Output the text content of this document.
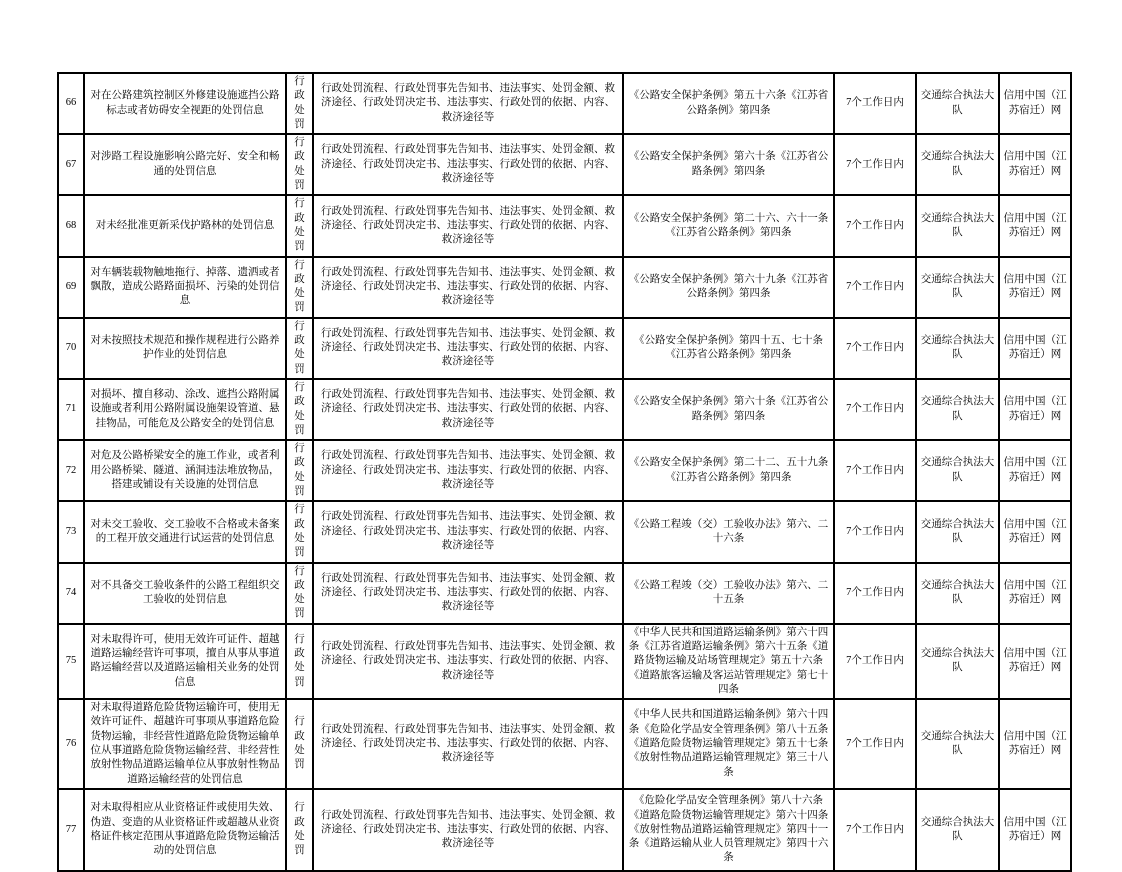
66	对在公路建筑控制区外修建设施遮挡公路标志或者妨碍安全视距的处罚信息	行政处罚	行政处罚流程、行政处罚事先告知书、违法事实、处罚金额、救济途径、行政处罚决定书、违法事实、行政处罚的依据、内容、救济途径等	《公路安全保护条例》第五十六条《江苏省公路条例》第四条	7个工作日内	交通综合执法大队	信用中国（江苏宿迁）网
67	对涉路工程设施影响公路完好、安全和畅通的处罚信息	行政处罚	行政处罚流程、行政处罚事先告知书、违法事实、处罚金额、救济途径、行政处罚决定书、违法事实、行政处罚的依据、内容、救济途径等	《公路安全保护条例》第六十条《江苏省公路条例》第四条	7个工作日内	交通综合执法大队	信用中国（江苏宿迁）网
68	对未经批准更新采伐护路林的处罚信息	行政处罚	行政处罚流程、行政处罚事先告知书、违法事实、处罚金额、救济途径、行政处罚决定书、违法事实、行政处罚的依据、内容、救济途径等	《公路安全保护条例》第二十六、六十一条《江苏省公路条例》第四条	7个工作日内	交通综合执法大队	信用中国（江苏宿迁）网
69	对车辆装载物触地拖行、掉落、遗洒或者飘散，造成公路路面损坏、污染的处罚信息	行政处罚	行政处罚流程、行政处罚事先告知书、违法事实、处罚金额、救济途径、行政处罚决定书、违法事实、行政处罚的依据、内容、救济途径等	《公路安全保护条例》第六十九条《江苏省公路条例》第四条	7个工作日内	交通综合执法大队	信用中国（江苏宿迁）网
70	对未按照技术规范和操作规程进行公路养护作业的处罚信息	行政处罚	行政处罚流程、行政处罚事先告知书、违法事实、处罚金额、救济途径、行政处罚决定书、违法事实、行政处罚的依据、内容、救济途径等	《公路安全保护条例》第四十五、七十条《江苏省公路条例》第四条	7个工作日内	交通综合执法大队	信用中国（江苏宿迁）网
71	对损坏、擅自移动、涂改、遮挡公路附属设施或者利用公路附属设施架设管道、悬挂物品，可能危及公路安全的处罚信息	行政处罚	行政处罚流程、行政处罚事先告知书、违法事实、处罚金额、救济途径、行政处罚决定书、违法事实、行政处罚的依据、内容、救济途径等	《公路安全保护条例》第六十条《江苏省公路条例》第四条	7个工作日内	交通综合执法大队	信用中国（江苏宿迁）网
72	对危及公路桥梁安全的施工作业，或者利用公路桥梁、隧道、涵洞违法堆放物品，搭建或铺设有关设施的处罚信息	行政处罚	行政处罚流程、行政处罚事先告知书、违法事实、处罚金额、救济途径、行政处罚决定书、违法事实、行政处罚的依据、内容、救济途径等	《公路安全保护条例》第二十二、五十九条《江苏省公路条例》第四条	7个工作日内	交通综合执法大队	信用中国（江苏宿迁）网
73	对未交工验收、交工验收不合格或未备案的工程开放交通进行试运营的处罚信息	行政处罚	行政处罚流程、行政处罚事先告知书、违法事实、处罚金额、救济途径、行政处罚决定书、违法事实、行政处罚的依据、内容、救济途径等	《公路工程竣（交）工验收办法》第六、二十六条	7个工作日内	交通综合执法大队	信用中国（江苏宿迁）网
74	对不具备交工验收条件的公路工程组织交工验收的处罚信息	行政处罚	行政处罚流程、行政处罚事先告知书、违法事实、处罚金额、救济途径、行政处罚决定书、违法事实、行政处罚的依据、内容、救济途径等	《公路工程竣（交）工验收办法》第六、二十五条	7个工作日内	交通综合执法大队	信用中国（江苏宿迁）网
75	对未取得许可，使用无效许可证件、超越道路运输经营许可事项，擅自从事从事道路运输经营以及道路运输相关业务的处罚信息	行政处罚	行政处罚流程、行政处罚事先告知书、违法事实、处罚金额、救济途径、行政处罚决定书、违法事实、行政处罚的依据、内容、救济途径等	《中华人民共和国道路运输条例》第六十四条《江苏省道路运输条例》第六十五条《道路货物运输及站场管理规定》第五十六条《道路旅客运输及客运站管理规定》第七十四条	7个工作日内	交通综合执法大队	信用中国（江苏宿迁）网
76	对未取得道路危险货物运输许可，使用无效许可证件、超越许可事项从事道路危险货物运输，非经营性道路危险货物运输单位从事道路危险货物运输经营、非经营性放射性物品道路运输单位从事放射性物品道路运输经营的处罚信息	行政处罚	行政处罚流程、行政处罚事先告知书、违法事实、处罚金额、救济途径、行政处罚决定书、违法事实、行政处罚的依据、内容、救济途径等	《中华人民共和国道路运输条例》第六十四条《危险化学品安全管理条例》第八十五条《道路危险货物运输管理规定》第五十七条《放射性物品道路运输管理规定》第三十八条	7个工作日内	交通综合执法大队	信用中国（江苏宿迁）网
77	对未取得相应从业资格证件或使用失效、伪造、变造的从业资格证件或超越从业资格证件核定范围从事道路危险货物运输活动的处罚信息	行政处罚	行政处罚流程、行政处罚事先告知书、违法事实、处罚金额、救济途径、行政处罚决定书、违法事实、行政处罚的依据、内容、救济途径等	《危险化学品安全管理条例》第八十六条《道路危险货物运输管理规定》第六十四条《放射性物品道路运输管理规定》第四十一条《道路运输从业人员管理规定》第四十六条	7个工作日内	交通综合执法大队	信用中国（江苏宿迁）网
